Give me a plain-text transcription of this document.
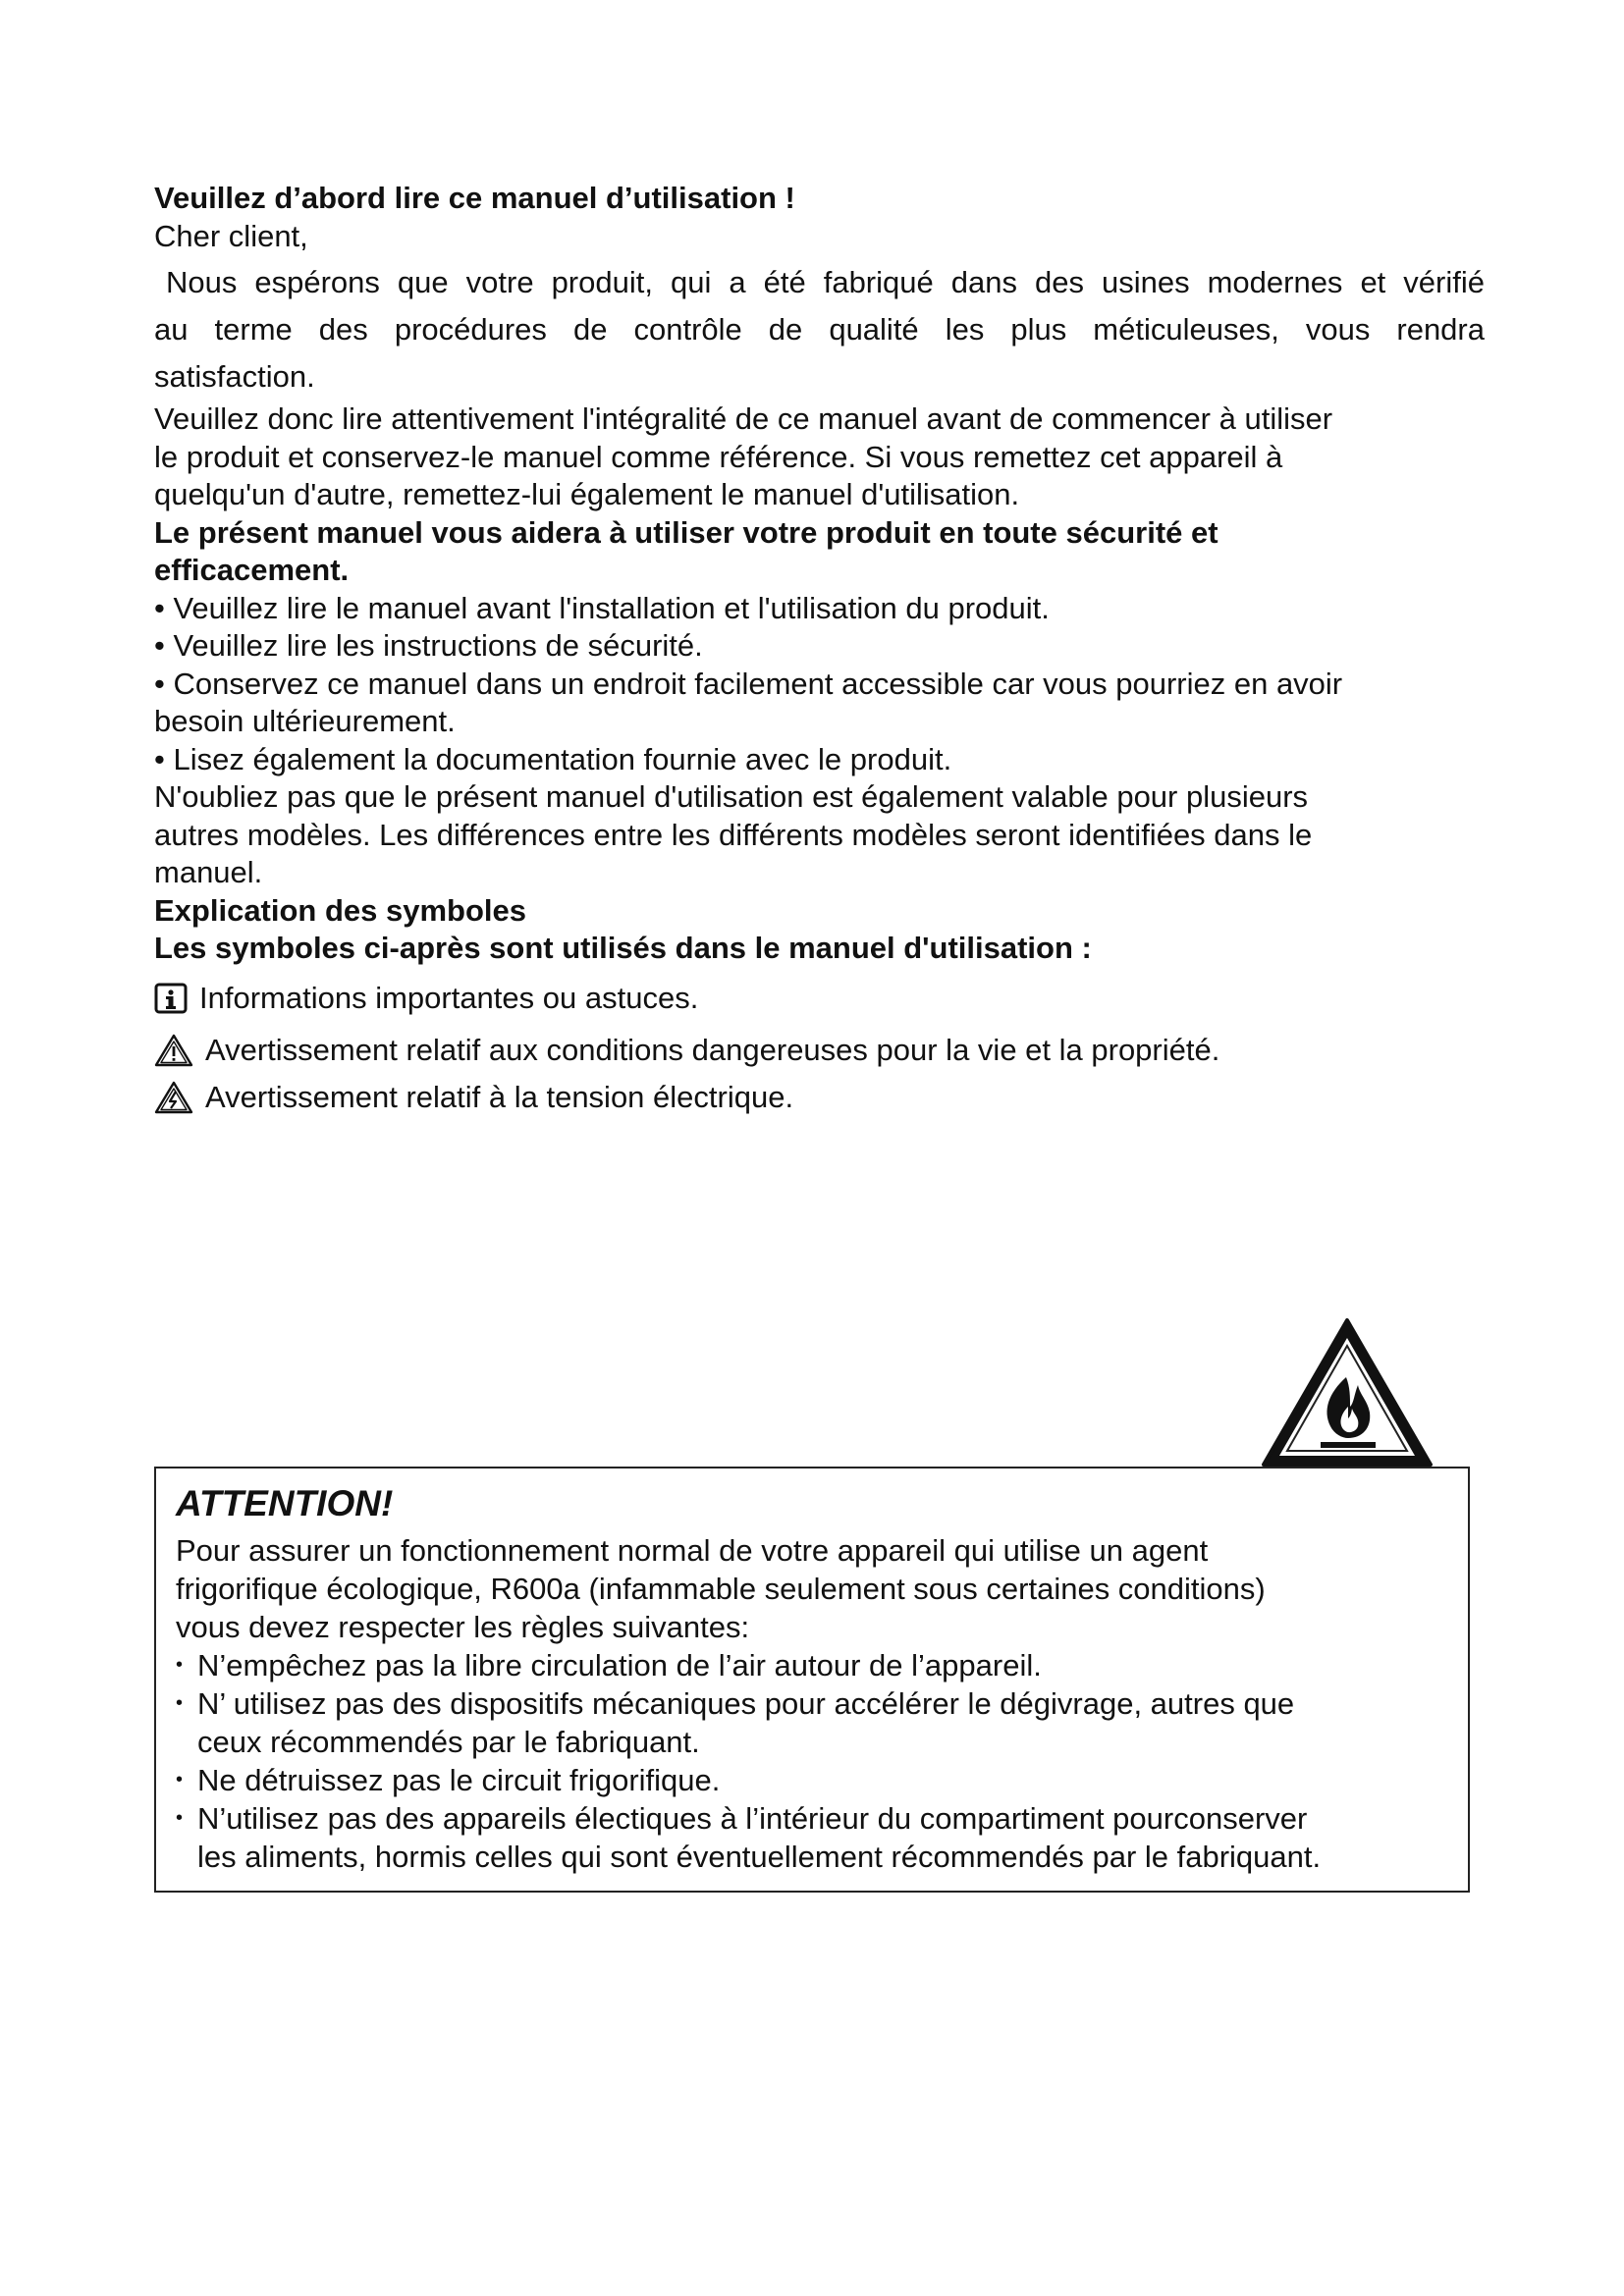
Veuillez d’abord lire ce manuel d’utilisation !

Cher client,

Nous espérons que votre produit, qui a été fabriqué dans des usines modernes et vérifié

au terme des procédures de contrôle de qualité les plus méticuleuses, vous rendra

satisfaction.

Veuillez donc lire attentivement l'intégralité de ce manuel avant de commencer à utiliser

le produit et conservez-le manuel comme référence. Si vous remettez cet appareil à

quelqu'un d'autre, remettez-lui également le manuel d'utilisation.

Le présent manuel vous aidera à utiliser votre produit en toute sécurité et

efficacement.

• Veuillez lire le manuel avant l'installation et l'utilisation du produit.

• Veuillez lire les instructions de sécurité.

• Conservez ce manuel dans un endroit facilement accessible car vous pourriez en avoir

besoin ultérieurement.

• Lisez également la documentation fournie avec le produit.

N'oubliez pas que le présent manuel d'utilisation est également valable pour plusieurs

autres modèles. Les différences entre les différents modèles seront identifiées dans le

manuel.

Explication des symboles

Les symboles ci-après sont utilisés dans le manuel d'utilisation :

Informations importantes ou astuces.
Avertissement relatif aux conditions dangereuses pour la vie et la propriété.
Avertissement relatif à la tension électrique.

ATTENTION!

Pour assurer un fonctionnement normal de votre appareil qui utilise un agent

frigorifique écologique, R600a (infammable seulement sous certaines conditions)

vous devez respecter les règles suivantes:

• N’empêchez pas la libre circulation de l’air autour de l’appareil.
• N’ utilisez pas des dispositifs mécaniques pour accélérer le dégivrage, autres que
ceux récommendés par le fabriquant.
• Ne détruissez pas le circuit frigorifique.
• N’utilisez pas des appareils électiques à l’intérieur du compartiment pourconserver
les aliments, hormis celles qui sont éventuellement récommendés par le fabriquant.
